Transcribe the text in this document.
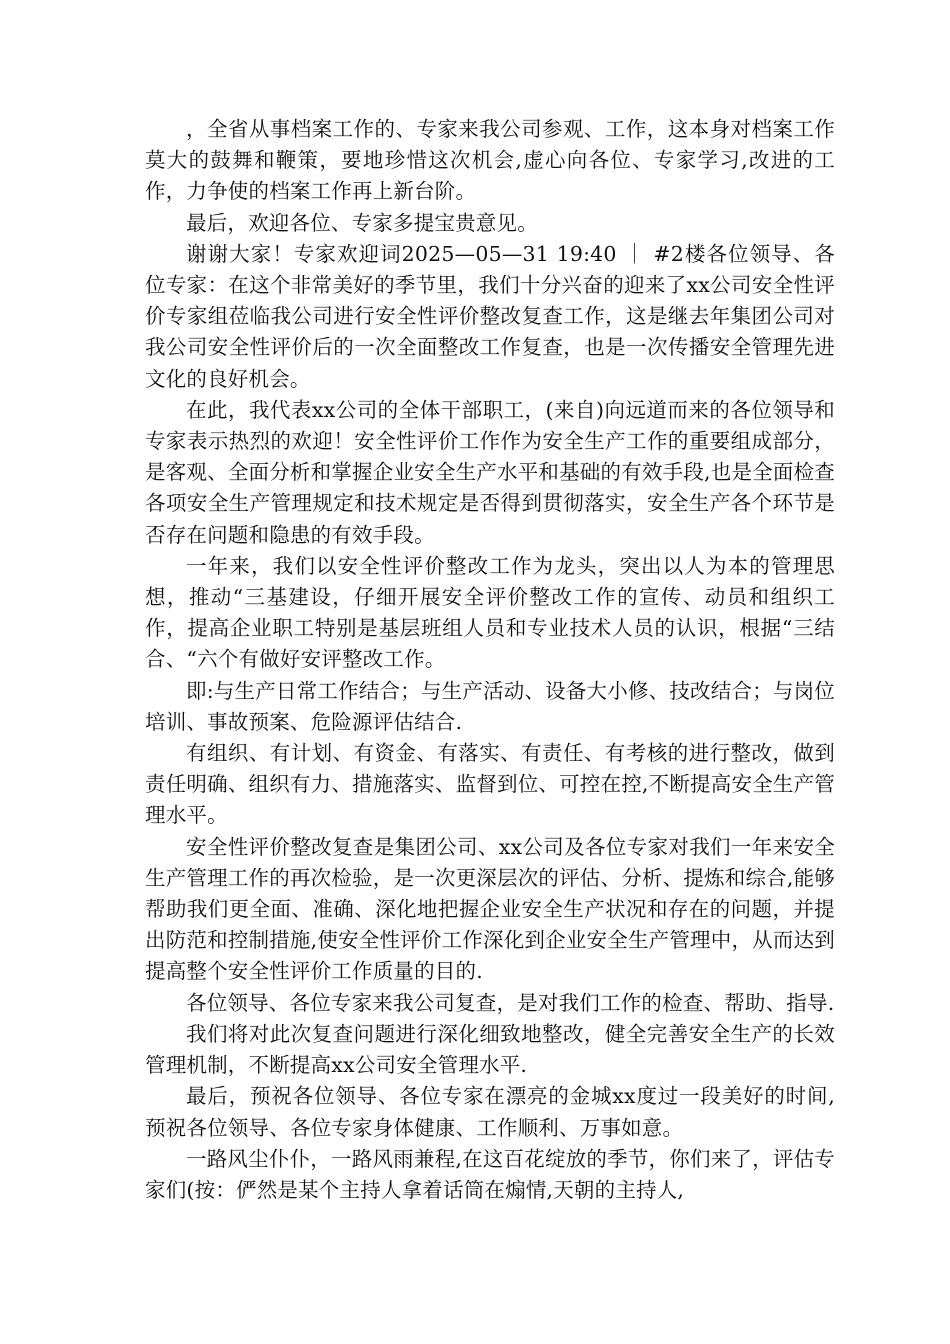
，全省从事档案工作的、专家来我公司参观、工作，这本身对档案工作莫大的鼓舞和鞭策，要地珍惜这次机会,虚心向各位、专家学习,改进的工作，力争使的档案工作再上新台阶。

最后，欢迎各位、专家多提宝贵意见。

谢谢大家！专家欢迎词2025—05—31 19:40 ｜ #2楼各位领导、各位专家：在这个非常美好的季节里，我们十分兴奋的迎来了xx公司安全性评价专家组莅临我公司进行安全性评价整改复查工作，这是继去年集团公司对我公司安全性评价后的一次全面整改工作复查，也是一次传播安全管理先进文化的良好机会。

在此，我代表xx公司的全体干部职工，(来自)向远道而来的各位领导和专家表示热烈的欢迎！安全性评价工作作为安全生产工作的重要组成部分，是客观、全面分析和掌握企业安全生产水平和基础的有效手段,也是全面检查各项安全生产管理规定和技术规定是否得到贯彻落实，安全生产各个环节是否存在问题和隐患的有效手段。

一年来，我们以安全性评价整改工作为龙头，突出以人为本的管理思想，推动“三基建设，仔细开展安全评价整改工作的宣传、动员和组织工作，提高企业职工特别是基层班组人员和专业技术人员的认识，根据“三结合、“六个有做好安评整改工作。

即:与生产日常工作结合；与生产活动、设备大小修、技改结合；与岗位培训、事故预案、危险源评估结合.

有组织、有计划、有资金、有落实、有责任、有考核的进行整改，做到责任明确、组织有力、措施落实、监督到位、可控在控,不断提高安全生产管理水平。

安全性评价整改复查是集团公司、xx公司及各位专家对我们一年来安全生产管理工作的再次检验，是一次更深层次的评估、分析、提炼和综合,能够帮助我们更全面、准确、深化地把握企业安全生产状况和存在的问题，并提出防范和控制措施,使安全性评价工作深化到企业安全生产管理中，从而达到提高整个安全性评价工作质量的目的.

各位领导、各位专家来我公司复查，是对我们工作的检查、帮助、指导.

我们将对此次复查问题进行深化细致地整改，健全完善安全生产的长效管理机制，不断提高xx公司安全管理水平.

最后，预祝各位领导、各位专家在漂亮的金城xx度过一段美好的时间,预祝各位领导、各位专家身体健康、工作顺利、万事如意。

一路风尘仆仆，一路风雨兼程,在这百花绽放的季节，你们来了，评估专家们(按：俨然是某个主持人拿着话筒在煽情,天朝的主持人,
